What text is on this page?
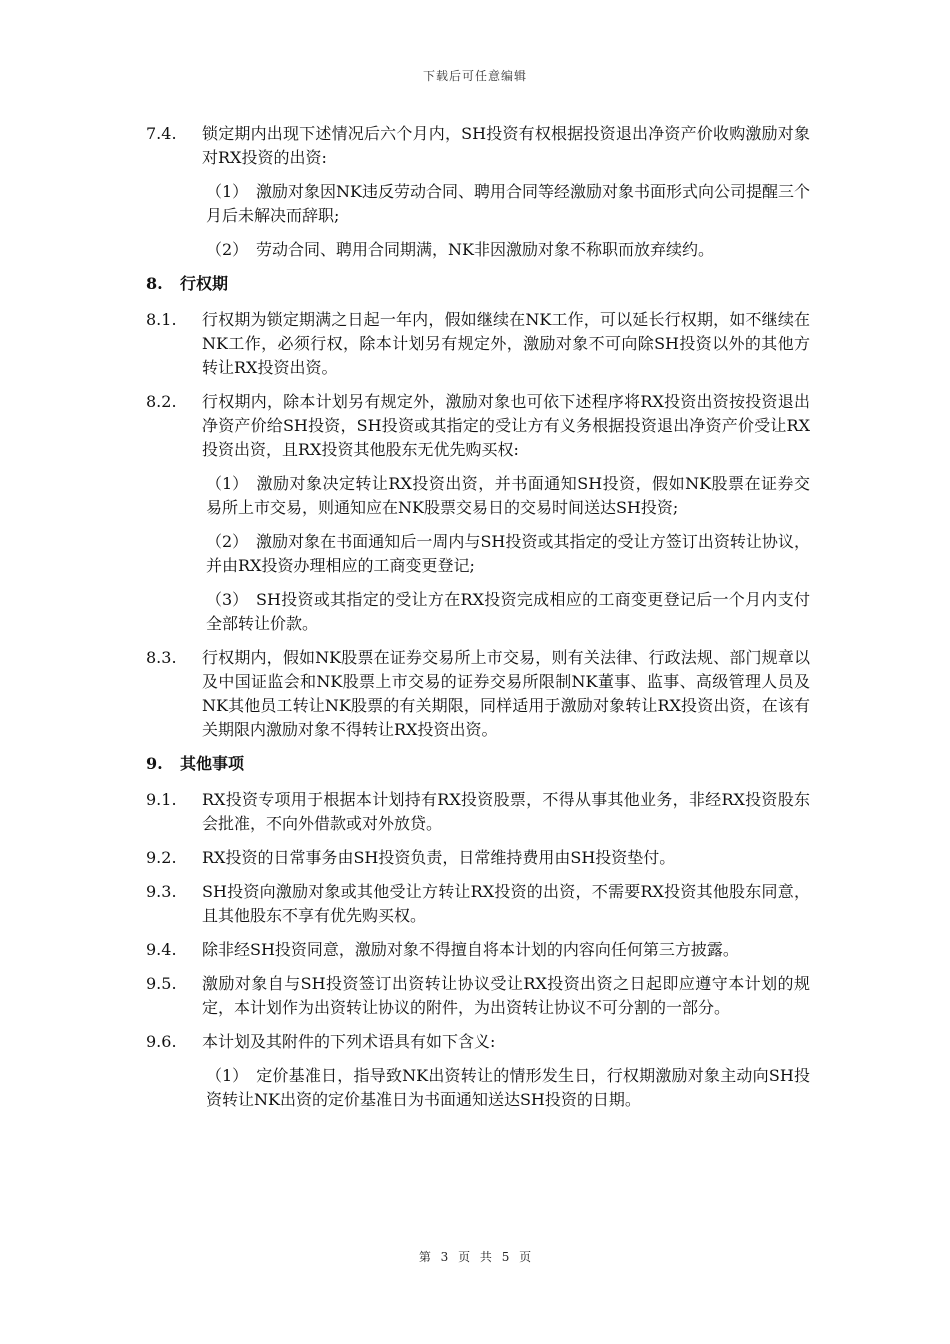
下载后可任意编辑
7.4.	锁定期内出现下述情况后六个月内，SH投资有权根据投资退出净资产价收购激励对象对RX投资的出资:
（1） 激励对象因NK违反劳动合同、聘用合同等经激励对象书面形式向公司提醒三个月后未解决而辞职;
（2） 劳动合同、聘用合同期满，NK非因激励对象不称职而放弃续约。
8. 行权期
8.1.	行权期为锁定期满之日起一年内，假如继续在NK工作，可以延长行权期，如不继续在NK工作，必须行权，除本计划另有规定外，激励对象不可向除SH投资以外的其他方转让RX投资出资。
8.2.	行权期内，除本计划另有规定外，激励对象也可依下述程序将RX投资出资按投资退出净资产价给SH投资，SH投资或其指定的受让方有义务根据投资退出净资产价受让RX投资出资，且RX投资其他股东无优先购买权:
（1） 激励对象决定转让RX投资出资，并书面通知SH投资，假如NK股票在证券交易所上市交易，则通知应在NK股票交易日的交易时间送达SH投资;
（2） 激励对象在书面通知后一周内与SH投资或其指定的受让方签订出资转让协议，并由RX投资办理相应的工商变更登记;
（3） SH投资或其指定的受让方在RX投资完成相应的工商变更登记后一个月内支付全部转让价款。
8.3.	行权期内，假如NK股票在证券交易所上市交易，则有关法律、行政法规、部门规章以及中国证监会和NK股票上市交易的证券交易所限制NK董事、监事、高级管理人员及NK其他员工转让NK股票的有关期限，同样适用于激励对象转让RX投资出资，在该有关期限内激励对象不得转让RX投资出资。
9. 其他事项
9.1.	RX投资专项用于根据本计划持有RX投资股票，不得从事其他业务，非经RX投资股东会批准，不向外借款或对外放贷。
9.2.	RX投资的日常事务由SH投资负责，日常维持费用由SH投资垫付。
9.3.	SH投资向激励对象或其他受让方转让RX投资的出资，不需要RX投资其他股东同意，且其他股东不享有优先购买权。
9.4.	除非经SH投资同意，激励对象不得擅自将本计划的内容向任何第三方披露。
9.5.	激励对象自与SH投资签订出资转让协议受让RX投资出资之日起即应遵守本计划的规定，本计划作为出资转让协议的附件，为出资转让协议不可分割的一部分。
9.6.	本计划及其附件的下列术语具有如下含义:
（1） 定价基准日，指导致NK出资转让的情形发生日，行权期激励对象主动向SH投资转让NK出资的定价基准日为书面通知送达SH投资的日期。
第 3 页 共 5 页
